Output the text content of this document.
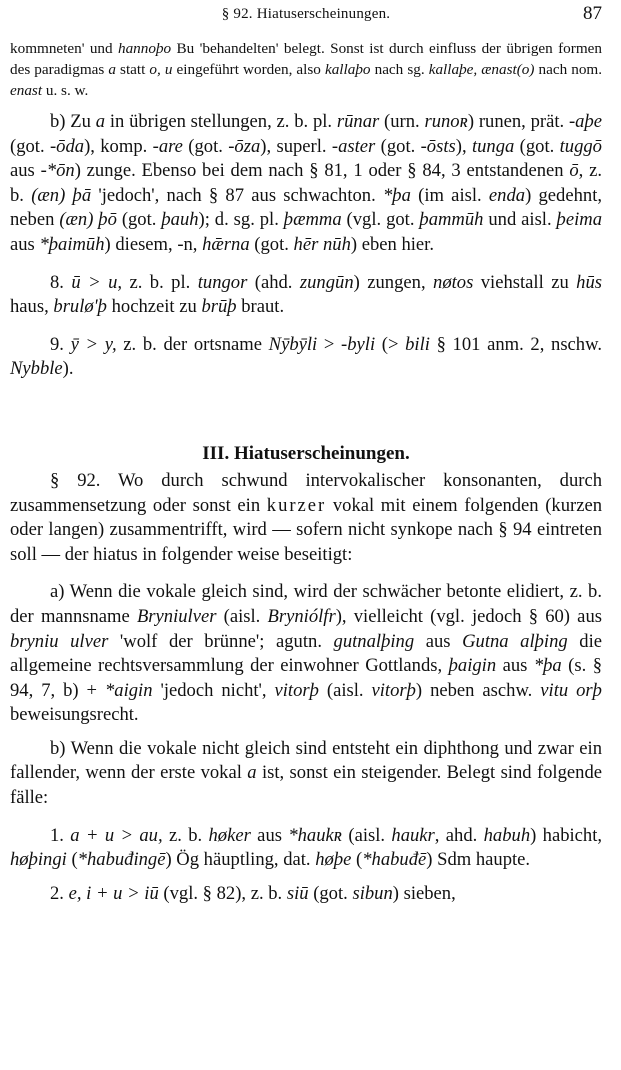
§ 92. Hiatuserscheinungen.	87

kommneten' und hannoþo Bu 'behandelten' belegt. Sonst ist durch einfluss der übrigen formen des paradigmas a statt o, u eingeführt worden, also kallaþo nach sg. kallaþe, ænast(o) nach nom. enast u. s. w.

b) Zu a in übrigen stellungen, z. b. pl. rūnar (urn. runoʀ) runen, prät. -aþe (got. -ōda), komp. -are (got. -ōza), superl. -aster (got. -ōsts), tunga (got. tuggō aus -*ōn) zunge. Ebenso bei dem nach § 81, 1 oder § 84, 3 entstandenen ō, z. b. (æn) þā 'jedoch', nach § 87 aus schwachton. *þa (im aisl. enda) gedehnt, neben (æn) þō (got. þauh); d. sg. pl. þæmma (vgl. got. þammūh und aisl. þeima aus *þaimūh) diesem, -n, hǣrna (got. hēr nūh) eben hier.

8. ū > u, z. b. pl. tungor (ahd. zungūn) zungen, nøtos viehstall zu hūs haus, brulø'þ hochzeit zu brūþ braut.

9. ȳ > y, z. b. der ortsname Nȳbȳli > -byli (> bili § 101 anm. 2, nschw. Nybble).

III. Hiatuserscheinungen.

§ 92. Wo durch schwund intervokalischer konsonanten, durch zusammensetzung oder sonst ein kurzer vokal mit einem folgenden (kurzen oder langen) zusammentrifft, wird — sofern nicht synkope nach § 94 eintreten soll — der hiatus in folgender weise beseitigt:

a) Wenn die vokale gleich sind, wird der schwächer betonte elidiert, z. b. der mannsname Bryniulver (aisl. Bryniólfr), vielleicht (vgl. jedoch § 60) aus bryniu ulver 'wolf der brünne'; agutn. gutnalþing aus Gutna alþing die allgemeine rechtsversammlung der einwohner Gottlands, þaigin aus *þa (s. § 94, 7, b) + *aigin 'jedoch nicht', vitorþ (aisl. vitorþ) neben aschw. vitu orþ beweisungsrecht.

b) Wenn die vokale nicht gleich sind entsteht ein diphthong und zwar ein fallender, wenn der erste vokal a ist, sonst ein steigender. Belegt sind folgende fälle:

1. a + u > au, z. b. høker aus *haukʀ (aisl. haukr, ahd. habuh) habicht, høþingi (*habuđingē) Ög häuptling, dat. høþe (*habuđē) Sdm haupte.

2. e, i + u > iū (vgl. § 82), z. b. siū (got. sibun) sieben,
